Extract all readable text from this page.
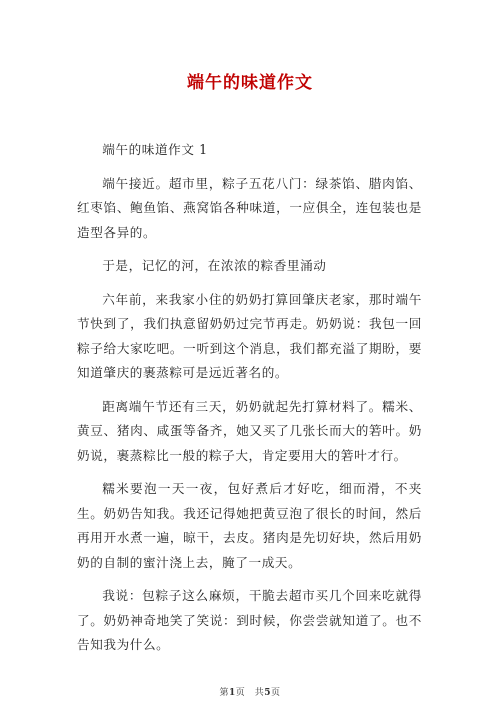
端午的味道作文

端午的味道作文 1

端午接近。超市里，粽子五花八门：绿茶馅、腊肉馅、红枣馅、鲍鱼馅、燕窝馅各种味道，一应俱全，连包装也是造型各异的。

于是，记忆的河，在浓浓的粽香里涌动

六年前，来我家小住的奶奶打算回肇庆老家，那时端午节快到了，我们执意留奶奶过完节再走。奶奶说：我包一回粽子给大家吃吧。一听到这个消息，我们都充溢了期盼，要知道肇庆的裹蒸粽可是远近著名的。

距离端午节还有三天，奶奶就起先打算材料了。糯米、黄豆、猪肉、咸蛋等备齐，她又买了几张长而大的箬叶。奶奶说，裹蒸粽比一般的粽子大，肯定要用大的箬叶才行。

糯米要泡一天一夜，包好煮后才好吃，细而滑，不夹生。奶奶告知我。我还记得她把黄豆泡了很长的时间，然后再用开水煮一遍，晾干，去皮。猪肉是先切好块，然后用奶奶的自制的蜜汁浇上去，腌了一成天。

我说：包粽子这么麻烦，干脆去超市买几个回来吃就得了。奶奶神奇地笑了笑说：到时候，你尝尝就知道了。也不告知我为什么。

第1页　共5页
